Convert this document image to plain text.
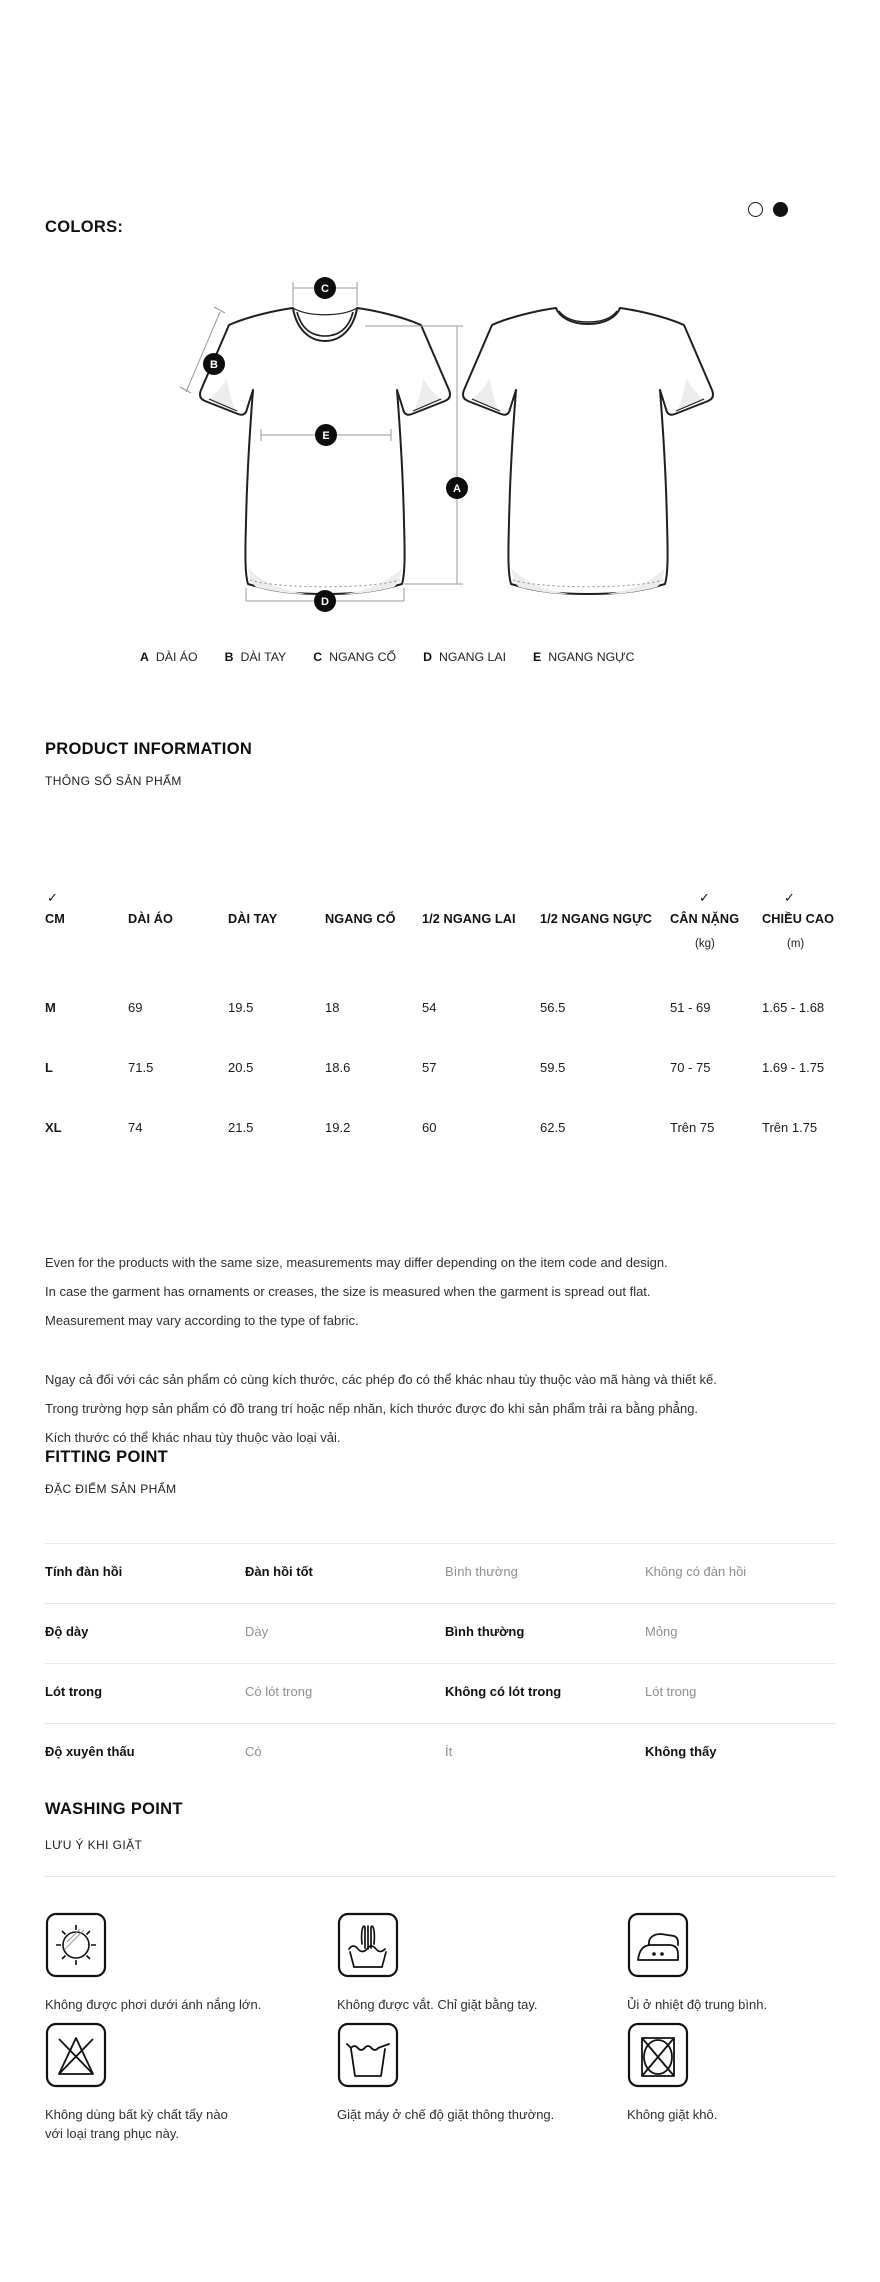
COLORS:
C
B
E
A
D
A DÀI ÁO B DÀI TAY C NGANG CỔ D NGANG LAI E NGANG NGỰC
PRODUCT INFORMATION
THÔNG SỐ SẢN PHẨM
✓	✓	✓
CM	DÀI ÁO	DÀI TAY	NGANG CỔ	1/2 NGANG LAI	1/2 NGANG NGỰC	CÂN NẶNG	CHIỀU CAO
(kg)	(m)
M	69	19.5	18	54	56.5	51 - 69	1.65 - 1.68
L	71.5	20.5	18.6	57	59.5	70 - 75	1.69 - 1.75
XL	74	21.5	19.2	60	62.5	Trên 75	Trên 1.75

Even for the products with the same size, measurements may differ depending on the item code and design.
In case the garment has ornaments or creases, the size is measured when the garment is spread out flat.
Measurement may vary according to the type of fabric.

Ngay cả đối với các sản phẩm có cùng kích thước, các phép đo có thể khác nhau tùy thuộc vào mã hàng và thiết kế.
Trong trường hợp sản phẩm có đồ trang trí hoặc nếp nhăn, kích thước được đo khi sản phẩm trải ra bằng phẳng.
Kích thước có thể khác nhau tùy thuộc vào loại vải.

FITTING POINT
ĐẶC ĐIỂM SẢN PHẨM
Tính đàn hồi	Đàn hồi tốt	Bình thường	Không có đàn hồi
Độ dày	Dày	Bình thường	Mỏng
Lót trong	Có lót trong	Không có lót trong	Lót trong
Độ xuyên thấu	Có	Ít	Không thấy
WASHING POINT
LƯU Ý KHI GIẶT
Không được phơi dưới ánh nắng lớn.	Không được vắt. Chỉ giặt bằng tay.	Ủi ở nhiệt độ trung bình.
Không dùng bất kỳ chất tẩy nào với loại trang phục này.
Giặt máy ở chế độ giặt thông thường.	Không giặt khô.
